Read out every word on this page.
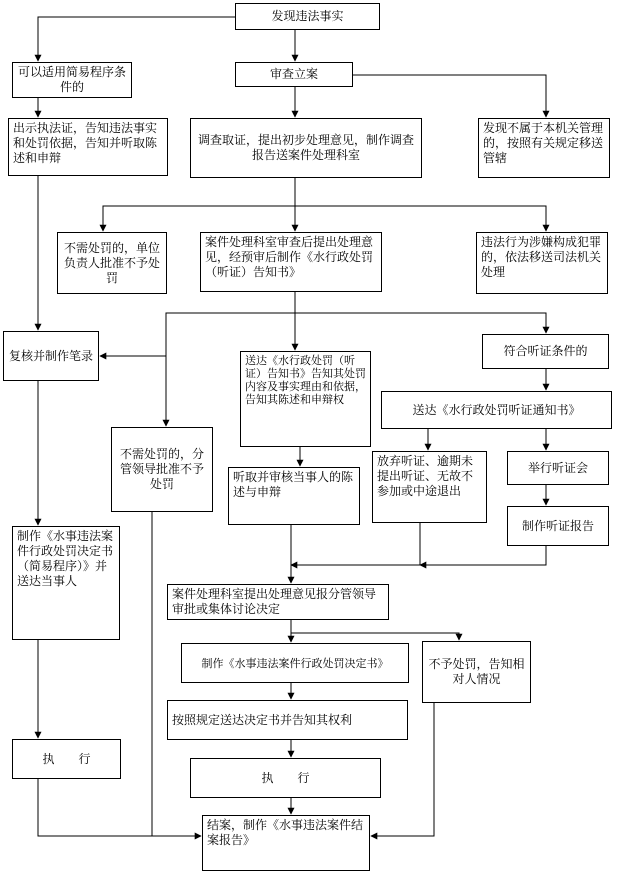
发现违法事实
可以适用简易程序条件的
审查立案
出示执法证，告知违法事实和处罚依据，告知并听取陈述和申辩
调查取证，提出初步处理意见，制作调查报告送案件处理科室
发现不属于本机关管理的，按照有关规定移送管辖
不需处罚的，单位负责人批准不予处罚
案件处理科室审查后提出处理意见，经预审后制作《水行政处罚（听证）告知书》
违法行为涉嫌构成犯罪的，依法移送司法机关处理
复核并制作笔录	送达《水行政处罚（听证）告知书》告知其处罚内容及事实理由和依据，告知其陈述和申辩权
符合听证条件的
送达《水行政处罚听证通知书》
不需处罚的，分管领导批准不予处罚	听取并审核当事人的陈述与申辩
放弃听证、逾期未提出听证、无故不参加或中途退出
举行听证会
制作听证报告
制作《水事违法案件行政处罚决定书（简易程序）》并送达当事人
案件处理科室提出处理意见报分管领导审批或集体讨论决定
制作《水事违法案件行政处罚决定书》	不予处罚，告知相对人情况
按照规定送达决定书并告知其权利
执　　行
执　　行
结案，制作《水事违法案件结案报告》
